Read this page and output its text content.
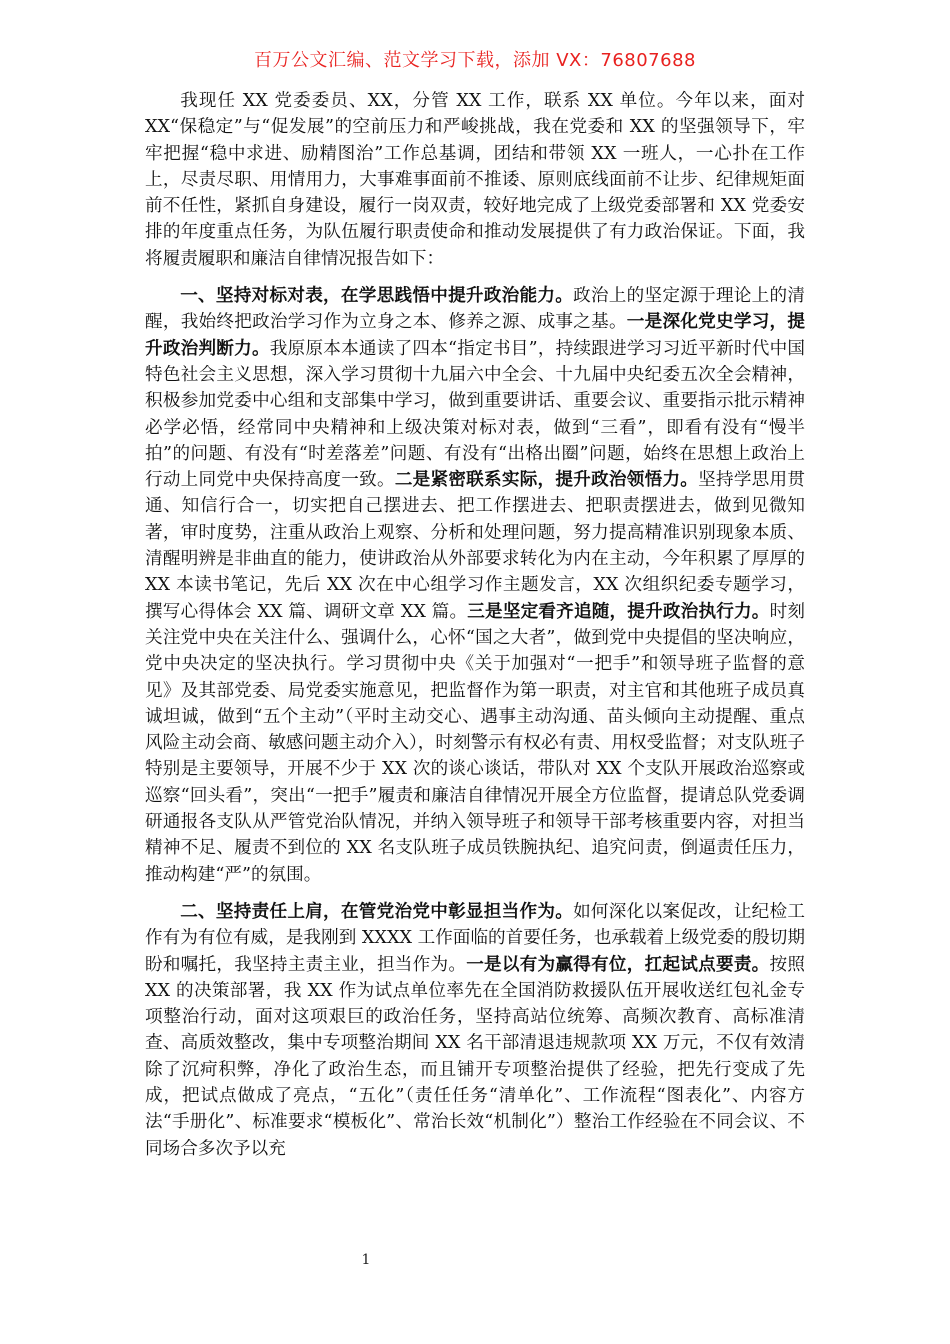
百万公文汇编、范文学习下载，添加 VX：76807688

我现任 XX 党委委员、XX，分管 XX 工作，联系 XX 单位。今年以来，面对 XX“保稳定”与“促发展”的空前压力和严峻挑战，我在党委和 XX 的坚强领导下，牢牢把握“稳中求进、励精图治”工作总基调，团结和带领 XX 一班人，一心扑在工作上，尽责尽职、用情用力，大事难事面前不推诿、原则底线面前不让步、纪律规矩面前不任性，紧抓自身建设，履行一岗双责，较好地完成了上级党委部署和 XX 党委安排的年度重点任务，为队伍履行职责使命和推动发展提供了有力政治保证。下面，我将履责履职和廉洁自律情况报告如下：

一、坚持对标对表，在学思践悟中提升政治能力。政治上的坚定源于理论上的清醒，我始终把政治学习作为立身之本、修养之源、成事之基。一是深化党史学习，提升政治判断力。我原原本本通读了四本“指定书目”，持续跟进学习习近平新时代中国特色社会主义思想，深入学习贯彻十九届六中全会、十九届中央纪委五次全会精神，积极参加党委中心组和支部集中学习，做到重要讲话、重要会议、重要指示批示精神必学必悟，经常同中央精神和上级决策对标对表，做到“三看”，即看有没有“慢半拍”的问题、有没有“时差落差”问题、有没有“出格出圈”问题，始终在思想上政治上行动上同党中央保持高度一致。二是紧密联系实际，提升政治领悟力。坚持学思用贯通、知信行合一，切实把自己摆进去、把工作摆进去、把职责摆进去，做到见微知著，审时度势，注重从政治上观察、分析和处理问题，努力提高精准识别现象本质、清醒明辨是非曲直的能力，使讲政治从外部要求转化为内在主动，今年积累了厚厚的 XX 本读书笔记，先后 XX 次在中心组学习作主题发言，XX 次组织纪委专题学习，撰写心得体会 XX 篇、调研文章 XX 篇。三是坚定看齐追随，提升政治执行力。时刻关注党中央在关注什么、强调什么，心怀“国之大者”，做到党中央提倡的坚决响应，党中央决定的坚决执行。学习贯彻中央《关于加强对“一把手”和领导班子监督的意见》及其部党委、局党委实施意见，把监督作为第一职责，对主官和其他班子成员真诚坦诚，做到“五个主动”（平时主动交心、遇事主动沟通、苗头倾向主动提醒、重点风险主动会商、敏感问题主动介入），时刻警示有权必有责、用权受监督；对支队班子特别是主要领导，开展不少于 XX 次的谈心谈话，带队对 XX 个支队开展政治巡察或巡察“回头看”，突出“一把手”履责和廉洁自律情况开展全方位监督，提请总队党委调研通报各支队从严管党治队情况，并纳入领导班子和领导干部考核重要内容，对担当精神不足、履责不到位的 XX 名支队班子成员铁腕执纪、追究问责，倒逼责任压力，推动构建“严”的氛围。

二、坚持责任上肩，在管党治党中彰显担当作为。如何深化以案促改，让纪检工作有为有位有威，是我刚到 XXXX 工作面临的首要任务，也承载着上级党委的殷切期盼和嘱托，我坚持主责主业，担当作为。一是以有为赢得有位，扛起试点要责。按照 XX 的决策部署，我 XX 作为试点单位率先在全国消防救援队伍开展收送红包礼金专项整治行动，面对这项艰巨的政治任务，坚持高站位统筹、高频次教育、高标准清查、高质效整改，集中专项整治期间 XX 名干部清退违规款项 XX 万元，不仅有效清除了沉疴积弊，净化了政治生态，而且铺开专项整治提供了经验，把先行变成了先成，把试点做成了亮点，“五化”（责任任务“清单化”、工作流程“图表化”、内容方法“手册化”、标准要求“模板化”、常治长效“机制化”）整治工作经验在不同会议、不同场合多次予以充

1
